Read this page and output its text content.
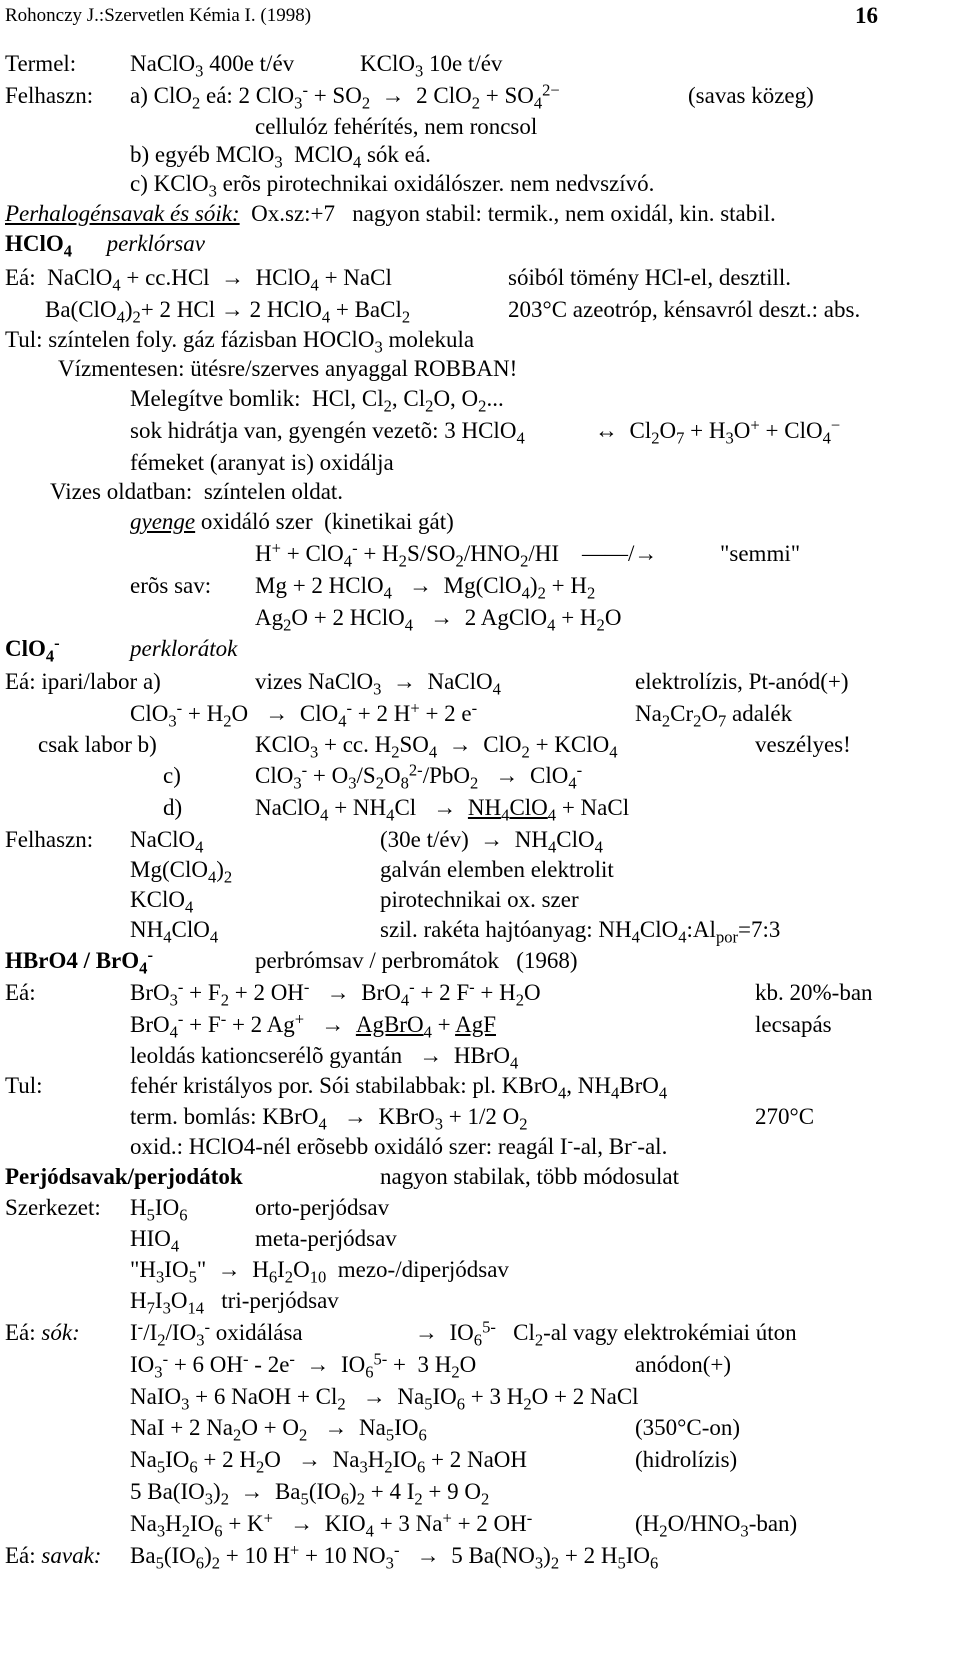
Rohonczy J.:Szervetlen Kémia I. (1998)	16
Termel: NaClO$_3$ 400e t/év	KClO$_3$ 10e t/év
Felhaszn: a) ClO$_2$ eá: 2 $ClO_3^- + SO_2 \to 2$ $ClO_2 + SO_4^{2-}$	(savas közeg)
cellulóz fehérítés, nem roncsol
b) egyéb MClO$_3$  MClO$_4$ sók eá.
c) KClO$_3$ erõs pirotechnikai oxidálószer. nem nedvszívó.
Perhalogénsavak és sóik:  Ox.sz:+7   nagyon stabil: termik., nem oxidál, kin. stabil.
HClO$_4$ perklórsav
Eá:  NaClO$_4$ + cc.HCl  →  HClO$_4$ + NaCl	sóiból tömény HCl-el, desztill.
$Ba(ClO_4)_2+ 2$ HCl → 2 HClO$_4$ + BaCl$_2$	203°C azeotróp, kénsavról deszt.: abs.
Tul: színtelen foly. gáz fázisban HOClO$_3$ molekula
Vízmentesen: ütésre/szerves anyaggal ROBBAN!
Melegítve bomlik:  HCl, $Cl_2$, $Cl_2O$, $O_2$...
sok hidrátja van, gyengén vezetõ: 3 HClO$_4$	↔  $Cl_2O_7 + H_3O^+ + ClO_4^-$
fémeket (aranyat is) oxidálja
Vizes oldatban:  színtelen oldat.
gyenge oxidáló szer  (kinetikai gát)
$H^+ + ClO_4^- + H_2S/SO_2/HNO_2/HI$    ——/→	"semmi"
erõs sav: Mg + 2 HClO$_4$   →  $Mg(ClO_4)_2 + H_2$
$Ag_2O + 2$ HClO$_4$   →  2 AgClO$_4$ + $H_2O$
ClO$_4$-	perklorátok
Eá: ipari/labor a)	vizes NaClO$_3$  →  NaClO$_4$	elektrolízis, Pt-anód(+)
$ClO_3^- + H_2O \to ClO_4^- + 2$ H+ + 2 e-	$Na_2Cr_2O_7$ adalék
csak labor b)	KClO$_3$ + cc. $H_2SO_4 \to ClO_2$ + KClO$_4$	veszélyes!
c)	$ClO_3^- + O_3/S_2O_8^{2-}/PbO_2 \to ClO_4^-$
d)	NaClO$_4$ + $NH_4Cl \to NH_4ClO_4$ + NaCl
Felhaszn: NaClO$_4$	(30e t/év)  →  $NH_4ClO_4$
$Mg(ClO_4)_2$	galván elemben elektrolit
KClO$_4$	pirotechnikai ox. szer
$NH_4ClO_4$	szil. rakéta hajtóanyag: $NH_4ClO_4:Al_{por}=7:3$
HBrO4 / BrO$_4$-	perbrómsav / perbromátok   (1968)
Eá:	$BrO_3^- + F_2 + 2$ OH-   →  BrO$_4$- + 2 $F^- + H_2O$	kb. 20%-ban
BrO$_4$- + F- + 2 Ag+   →  AgBrO$_4$ + AgF	lecsapás
leoldás kationcserélõ gyantán   →  HBrO$_4$
Tul:	fehér kristályos por. Sói stabilabbak: pl. KBrO$_4$, $NH_4BrO_4$
term. bomlás: KBrO$_4$   →  KBrO$_3$ + 1/2 $O_2$	270°C
oxid.: HClO4-nél erõsebb oxidáló szer: reagál I--al, Br--al.
Perjódsavak/perjodátok	nagyon stabilak, több módosulat
Szerkezet: $H_5IO_6$	orto-perjódsav
$HIO_4$	meta-perjódsav
"$H_3IO_5$"  →  $H_6I_2O_{10}$  mezo-/diperjódsav
$H_7I_3O_{14}$   tri-perjódsav
Eá: sók: $I^-/I_2/IO_3^-$ oxidálása	→  $IO_6^{5-}$   $Cl_2-al$ vagy elektrokémiai úton
$IO_3^- + 6$ $OH^- - 2e^- \to IO_6^{5-} + 3$ $H_2O$	anódon(+)
NaIO$_3$ + 6 NaOH + $Cl_2 \to Na_5IO_6 + 3$ $H_2O + 2$ NaCl
NaI + 2 $Na_2O + O_2 \to Na_5IO_6$	(350°C-on)
$Na_5IO_6 + 2$ $H_2O \to Na_3H_2IO_6 + 2$ NaOH	(hidrolízis)
5 $Ba(IO_3)_2 \to Ba_5(IO_6)_2 + 4$ $I_2 + 9$ $O_2$
$Na_3H_2IO_6 + K^+ \to KIO_4 + 3$ Na+ + 2 OH-	$(H_2O/HNO_3-ban)$
Eá: savak: $Ba_5(IO_6)_2 + 10$ H+ + 10 $NO_3^- \to 5$ $Ba(NO_3)_2 + 2$ $H_5IO_6$
